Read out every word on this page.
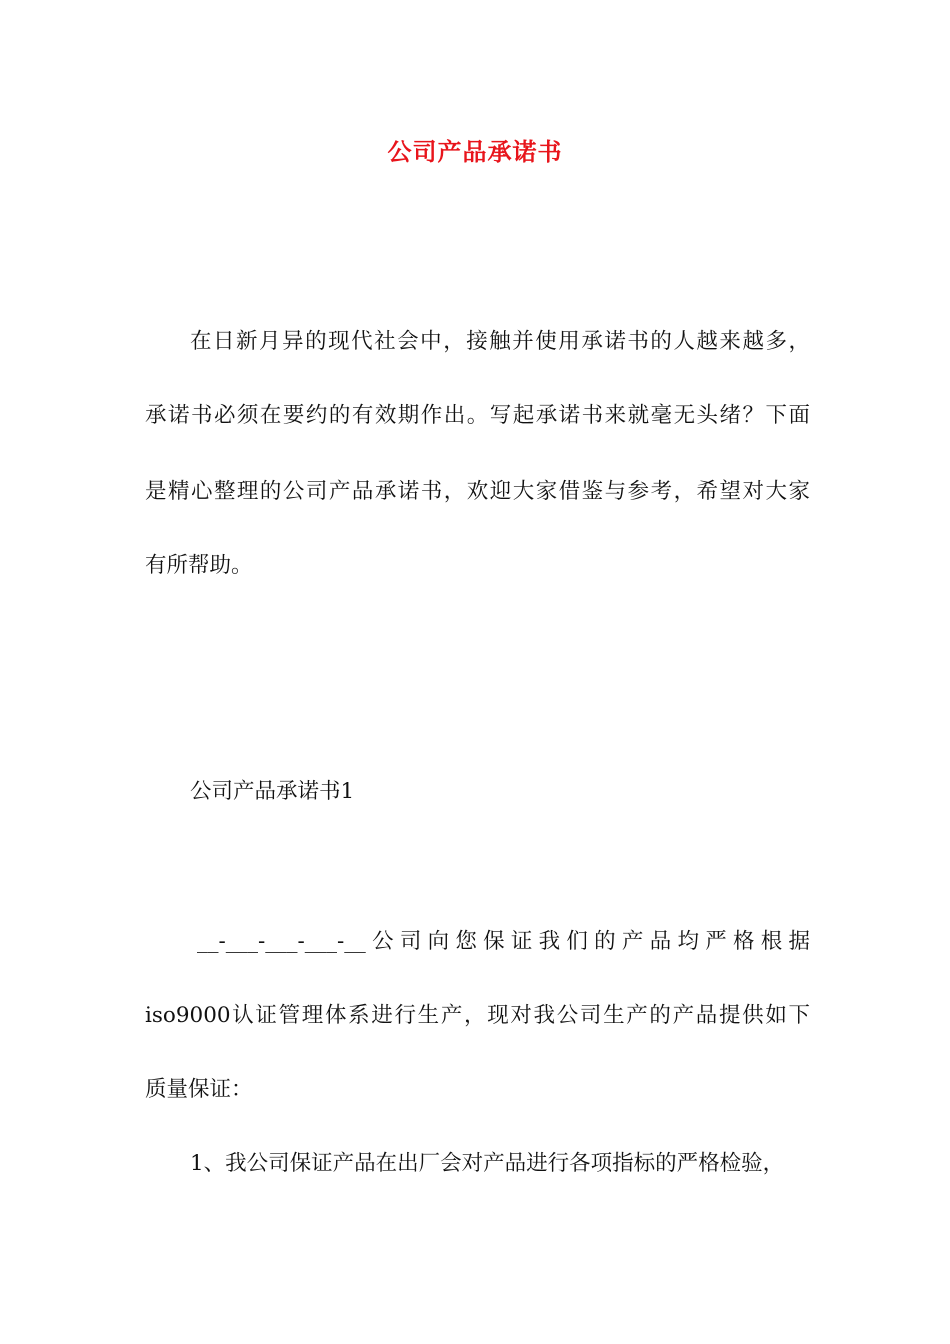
公司产品承诺书
在日新月异的现代社会中，接触并使用承诺书的人越来越多，
承诺书必须在要约的有效期作出。写起承诺书来就毫无头绪？下面
是精心整理的公司产品承诺书，欢迎大家借鉴与参考，希望对大家
有所帮助。
公司产品承诺书1
__-___-___-___-__公司向您保证我们的产品均严格根据
iso9000认证管理体系进行生产，现对我公司生产的产品提供如下
质量保证：
1、我公司保证产品在出厂会对产品进行各项指标的严格检验，
